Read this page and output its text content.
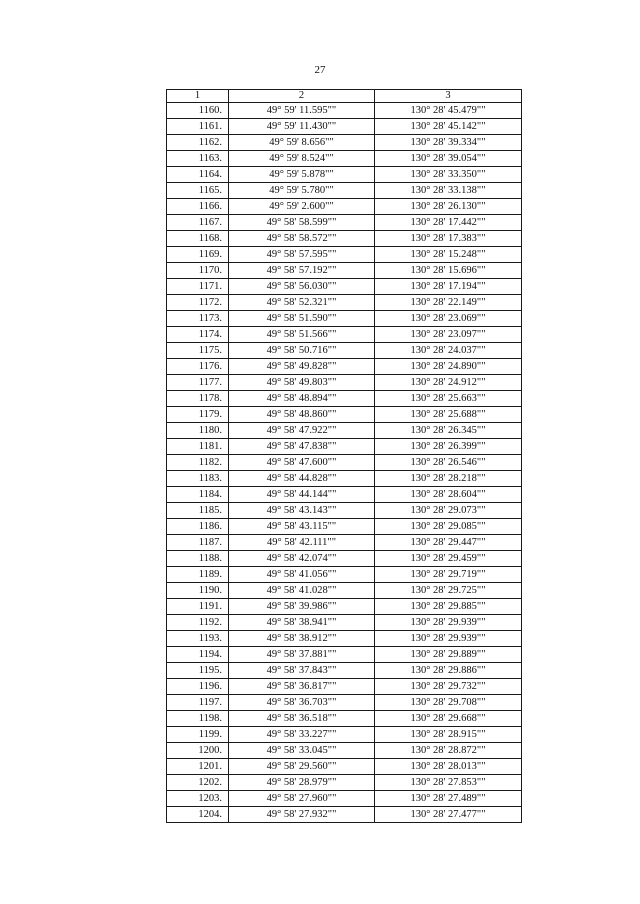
27
1	2	3
1160.	49° 59' 11.595""	130° 28' 45.479""
1161.	49° 59' 11.430""	130° 28' 45.142""
1162.	49° 59' 8.656""	130° 28' 39.334""
1163.	49° 59' 8.524""	130° 28' 39.054""
1164.	49° 59' 5.878""	130° 28' 33.350""
1165.	49° 59' 5.780""	130° 28' 33.138""
1166.	49° 59' 2.600""	130° 28' 26.130""
1167.	49° 58' 58.599""	130° 28' 17.442""
1168.	49° 58' 58.572""	130° 28' 17.383""
1169.	49° 58' 57.595""	130° 28' 15.248""
1170.	49° 58' 57.192""	130° 28' 15.696""
1171.	49° 58' 56.030""	130° 28' 17.194""
1172.	49° 58' 52.321""	130° 28' 22.149""
1173.	49° 58' 51.590""	130° 28' 23.069""
1174.	49° 58' 51.566""	130° 28' 23.097""
1175.	49° 58' 50.716""	130° 28' 24.037""
1176.	49° 58' 49.828""	130° 28' 24.890""
1177.	49° 58' 49.803""	130° 28' 24.912""
1178.	49° 58' 48.894""	130° 28' 25.663""
1179.	49° 58' 48.860""	130° 28' 25.688""
1180.	49° 58' 47.922""	130° 28' 26.345""
1181.	49° 58' 47.838""	130° 28' 26.399""
1182.	49° 58' 47.600""	130° 28' 26.546""
1183.	49° 58' 44.828""	130° 28' 28.218""
1184.	49° 58' 44.144""	130° 28' 28.604""
1185.	49° 58' 43.143""	130° 28' 29.073""
1186.	49° 58' 43.115""	130° 28' 29.085""
1187.	49° 58' 42.111""	130° 28' 29.447""
1188.	49° 58' 42.074""	130° 28' 29.459""
1189.	49° 58' 41.056""	130° 28' 29.719""
1190.	49° 58' 41.028""	130° 28' 29.725""
1191.	49° 58' 39.986""	130° 28' 29.885""
1192.	49° 58' 38.941""	130° 28' 29.939""
1193.	49° 58' 38.912""	130° 28' 29.939""
1194.	49° 58' 37.881""	130° 28' 29.889""
1195.	49° 58' 37.843""	130° 28' 29.886""
1196.	49° 58' 36.817""	130° 28' 29.732""
1197.	49° 58' 36.703""	130° 28' 29.708""
1198.	49° 58' 36.518""	130° 28' 29.668""
1199.	49° 58' 33.227""	130° 28' 28.915""
1200.	49° 58' 33.045""	130° 28' 28.872""
1201.	49° 58' 29.560""	130° 28' 28.013""
1202.	49° 58' 28.979""	130° 28' 27.853""
1203.	49° 58' 27.960""	130° 28' 27.489""
1204.	49° 58' 27.932""	130° 28' 27.477""
